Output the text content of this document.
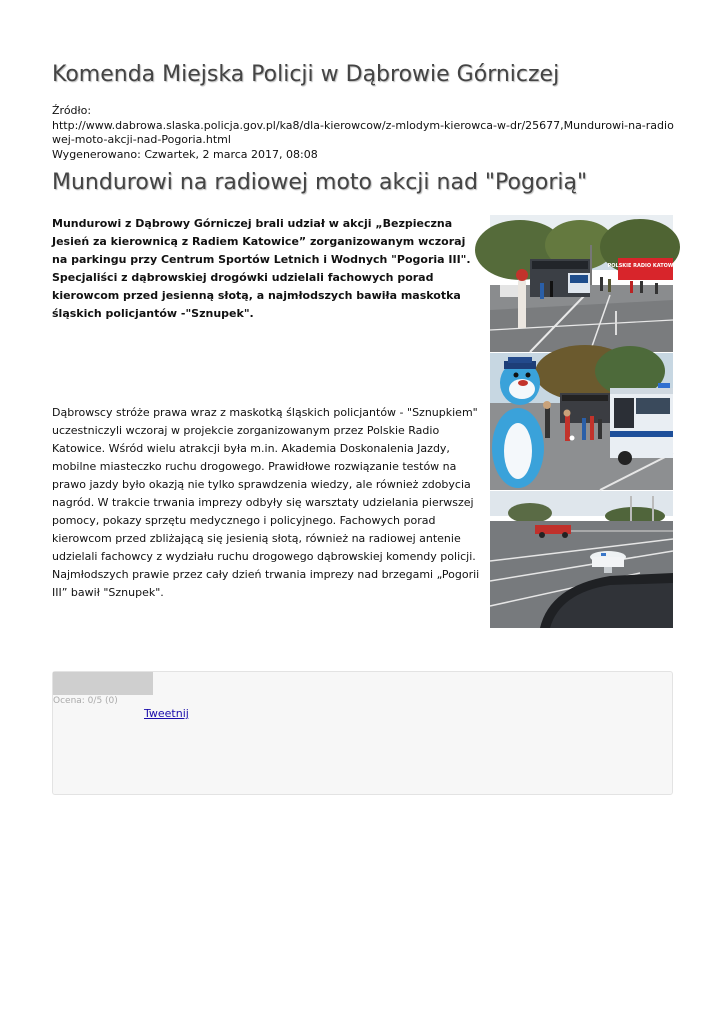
Komenda Miejska Policji w Dąbrowie Górniczej
Źródło:
http://www.dabrowa.slaska.policja.gov.pl/ka8/dla-kierowcow/z-mlodym-kierowca-w-dr/25677,Mundurowi-na-radiowej-moto-akcji-nad-Pogoria.html
Wygenerowano: Czwartek, 2 marca 2017, 08:08
Mundurowi na radiowej moto akcji nad "Pogorią"
Mundurowi z Dąbrowy Górniczej brali udział w akcji „Bezpieczna Jesień za kierownicą z Radiem Katowice” zorganizowanym wczoraj na parkingu przy Centrum Sportów Letnich i Wodnych "Pogoria III". Specjaliści z dąbrowskiej drogówki udzielali fachowych porad kierowcom przed jesienną słotą, a najmłodszych bawiła maskotka śląskich policjantów -"Sznupek".
Dąbrowscy stróże prawa wraz z maskotką śląskich policjantów - "Sznupkiem" uczestniczyli wczoraj w projekcie zorganizowanym przez Polskie Radio Katowice. Wśród wielu atrakcji była m.in. Akademia Doskonalenia Jazdy, mobilne miasteczko ruchu drogowego. Prawidłowe rozwiązanie testów na prawo jazdy było okazją nie tylko sprawdzenia wiedzy, ale również zdobycia nagród. W trakcie trwania imprezy odbyły się warsztaty udzielania pierwszej pomocy, pokazy sprzętu medycznego i policyjnego. Fachowych porad kierowcom przed zbliżającą się jesienią słotą, również na radiowej antenie udzielali fachowcy z wydziału ruchu drogowego dąbrowskiej komendy policji. Najmłodszych prawie przez cały dzień trwania imprezy nad brzegami „Pogorii III” bawił "Sznupek".
POLSKIE RADIO KATOWICE
Ocena: 0/5 (0)
Tweetnij
